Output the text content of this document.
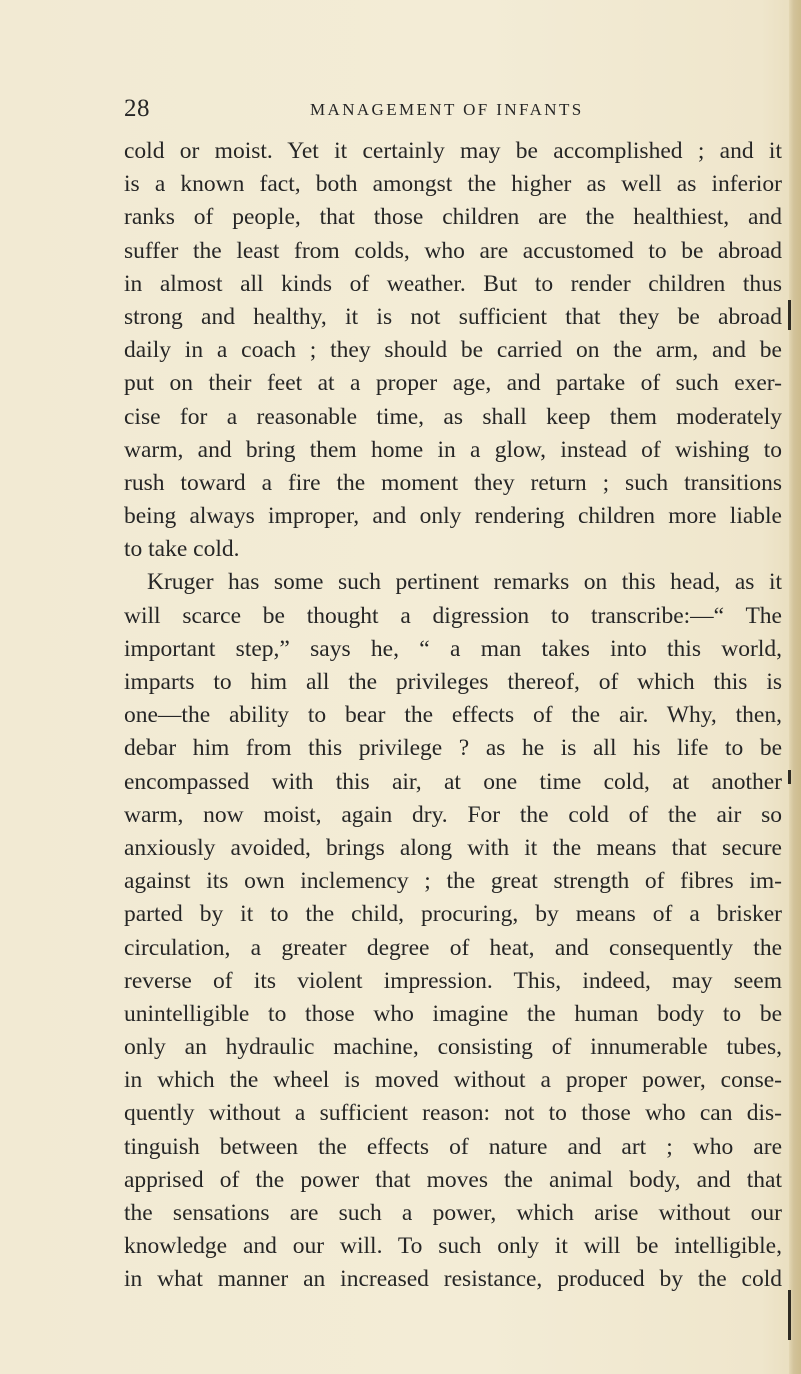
28	MANAGEMENT OF INFANTS
cold or moist. Yet it certainly may be accomplished ; and it
is a known fact, both amongst the higher as well as inferior
ranks of people, that those children are the healthiest, and
suffer the least from colds, who are accustomed to be abroad
in almost all kinds of weather. But to render children thus
strong and healthy, it is not sufficient that they be abroad
daily in a coach ; they should be carried on the arm, and be
put on their feet at a proper age, and partake of such exer-
cise for a reasonable time, as shall keep them moderately
warm, and bring them home in a glow, instead of wishing to
rush toward a fire the moment they return ; such transitions
being always improper, and only rendering children more liable
to take cold.
Kruger has some such pertinent remarks on this head, as it
will scarce be thought a digression to transcribe:—“ The
important step,” says he, “ a man takes into this world,
imparts to him all the privileges thereof, of which this is
one—the ability to bear the effects of the air. Why, then,
debar him from this privilege ? as he is all his life to be
encompassed with this air, at one time cold, at another
warm, now moist, again dry. For the cold of the air so
anxiously avoided, brings along with it the means that secure
against its own inclemency ; the great strength of fibres im-
parted by it to the child, procuring, by means of a brisker
circulation, a greater degree of heat, and consequently the
reverse of its violent impression. This, indeed, may seem
unintelligible to those who imagine the human body to be
only an hydraulic machine, consisting of innumerable tubes,
in which the wheel is moved without a proper power, conse-
quently without a sufficient reason: not to those who can dis-
tinguish between the effects of nature and art ; who are
apprised of the power that moves the animal body, and that
the sensations are such a power, which arise without our
knowledge and our will. To such only it will be intelligible,
in what manner an increased resistance, produced by the cold
